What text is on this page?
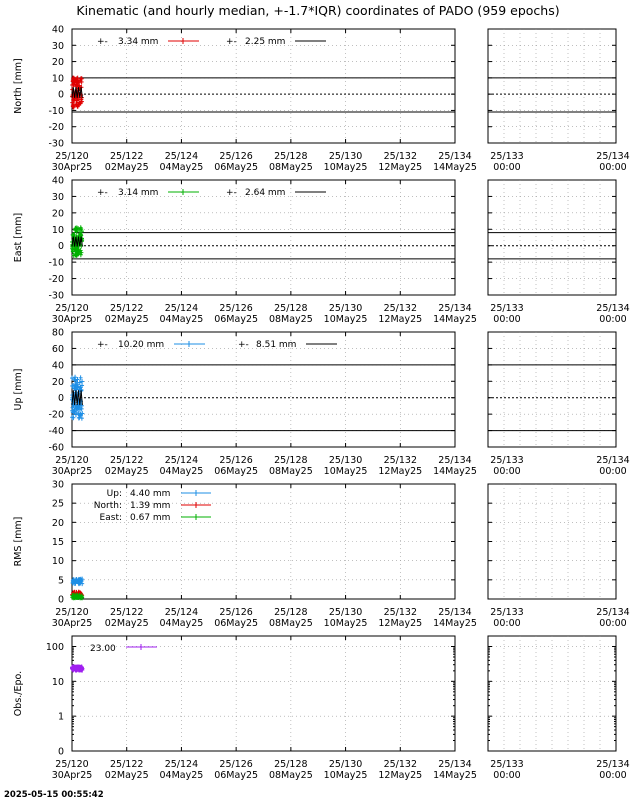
Kinematic (and hourly median, +-1.7*IQR) coordinates of PADO (959 epochs)
-30
-20
-10
0
10
20
30
40
North [mm]
25/120
30Apr25
25/122
02May25
25/124
04May25
25/126
06May25
25/128
08May25
25/130
10May25
25/132
12May25
25/134
14May25
25/133
00:00
25/134
00:00
+- 3.34 mm	+- 2.25 mm
-30
-20
-10
0
10
20
30
40
East [mm]
25/120
30Apr25
25/122
02May25
25/124
04May25
25/126
06May25
25/128
08May25
25/130
10May25
25/132
12May25
25/134
14May25
25/133
00:00
25/134
00:00
+- 3.14 mm	+- 2.64 mm
-60
-40
-20
0
20
40
60
80
Up [mm]
25/120
30Apr25
25/122
02May25
25/124
04May25
25/126
06May25
25/128
08May25
25/130
10May25
25/132
12May25
25/134
14May25
25/133
00:00
25/134
00:00
+- 10.20 mm	+- 8.51 mm
0
5
10
15
20
25
30
RMS [mm]
25/120
30Apr25
25/122
02May25
25/124
04May25
25/126
06May25
25/128
08May25
25/130
10May25
25/132
12May25
25/134
14May25
25/133
00:00
25/134
00:00
Up: 4.40 mm
North: 1.39 mm
East: 0.67 mm
0
1
10
100
Obs./Epo.
25/120
30Apr25
25/122
02May25
25/124
04May25
25/126
06May25
25/128
08May25
25/130
10May25
25/132
12May25
25/134
14May25
25/133
00:00
25/134
00:00
23.00
2025-05-15 00:55:42
